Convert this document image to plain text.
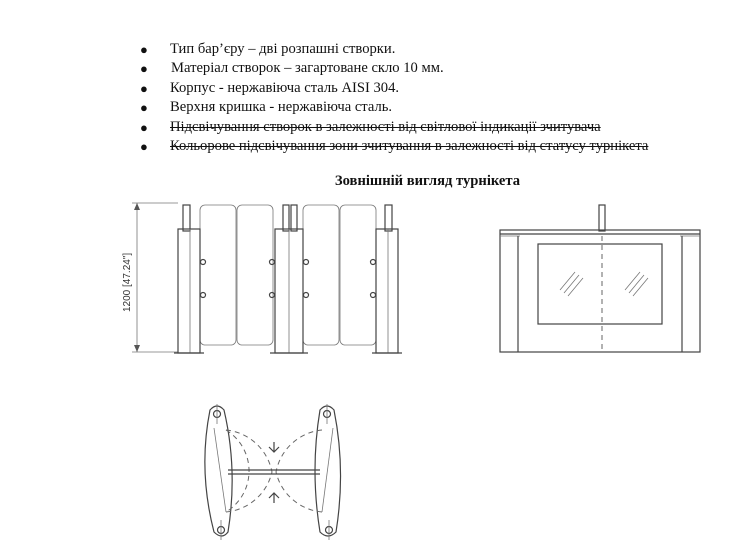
● Тип бар’єру – дві розпашні створки.
● Матеріал створок – загартоване скло 10 мм.
● Корпус - нержавіюча сталь AISI 304.
● Верхня кришка - нержавіюча сталь.
● Підсвічування створок в залежності від світлової індикації зчитувача
● Кольорове підсвічування зони зчитування в залежності від статусу турнікета
Зовнішній вигляд турнікета
1200 [47.24"]
